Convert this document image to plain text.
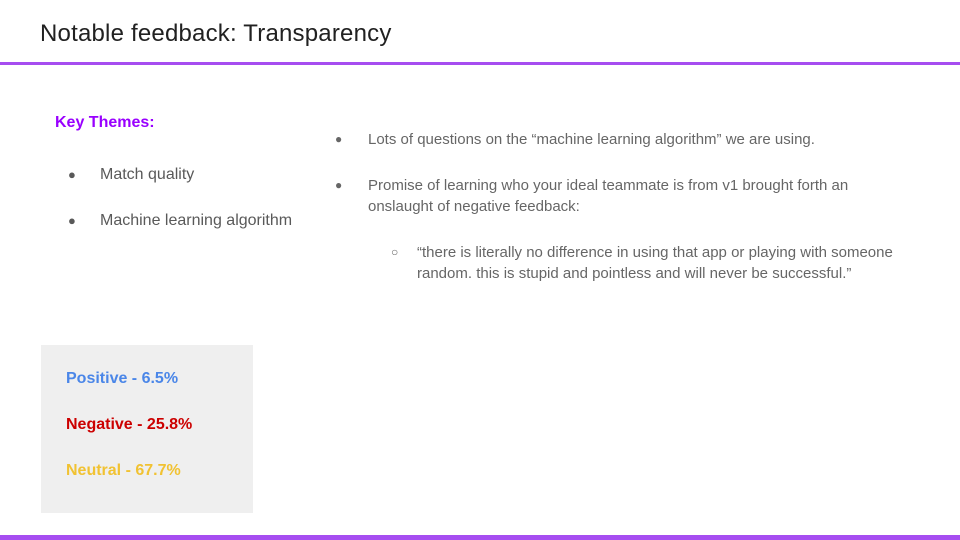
Notable feedback: Transparency
Key Themes:
●	Match quality
●	Machine learning algorithm
Positive - 6.5%
Negative - 25.8%
Neutral - 67.7%
●	Lots of questions on the “machine learning algorithm” we are using.
●	Promise of learning who your ideal teammate is from v1 brought forth an onslaught of negative feedback:
○	“there is literally no difference in using that app or playing with someone random. this is stupid and pointless and will never be successful.”
